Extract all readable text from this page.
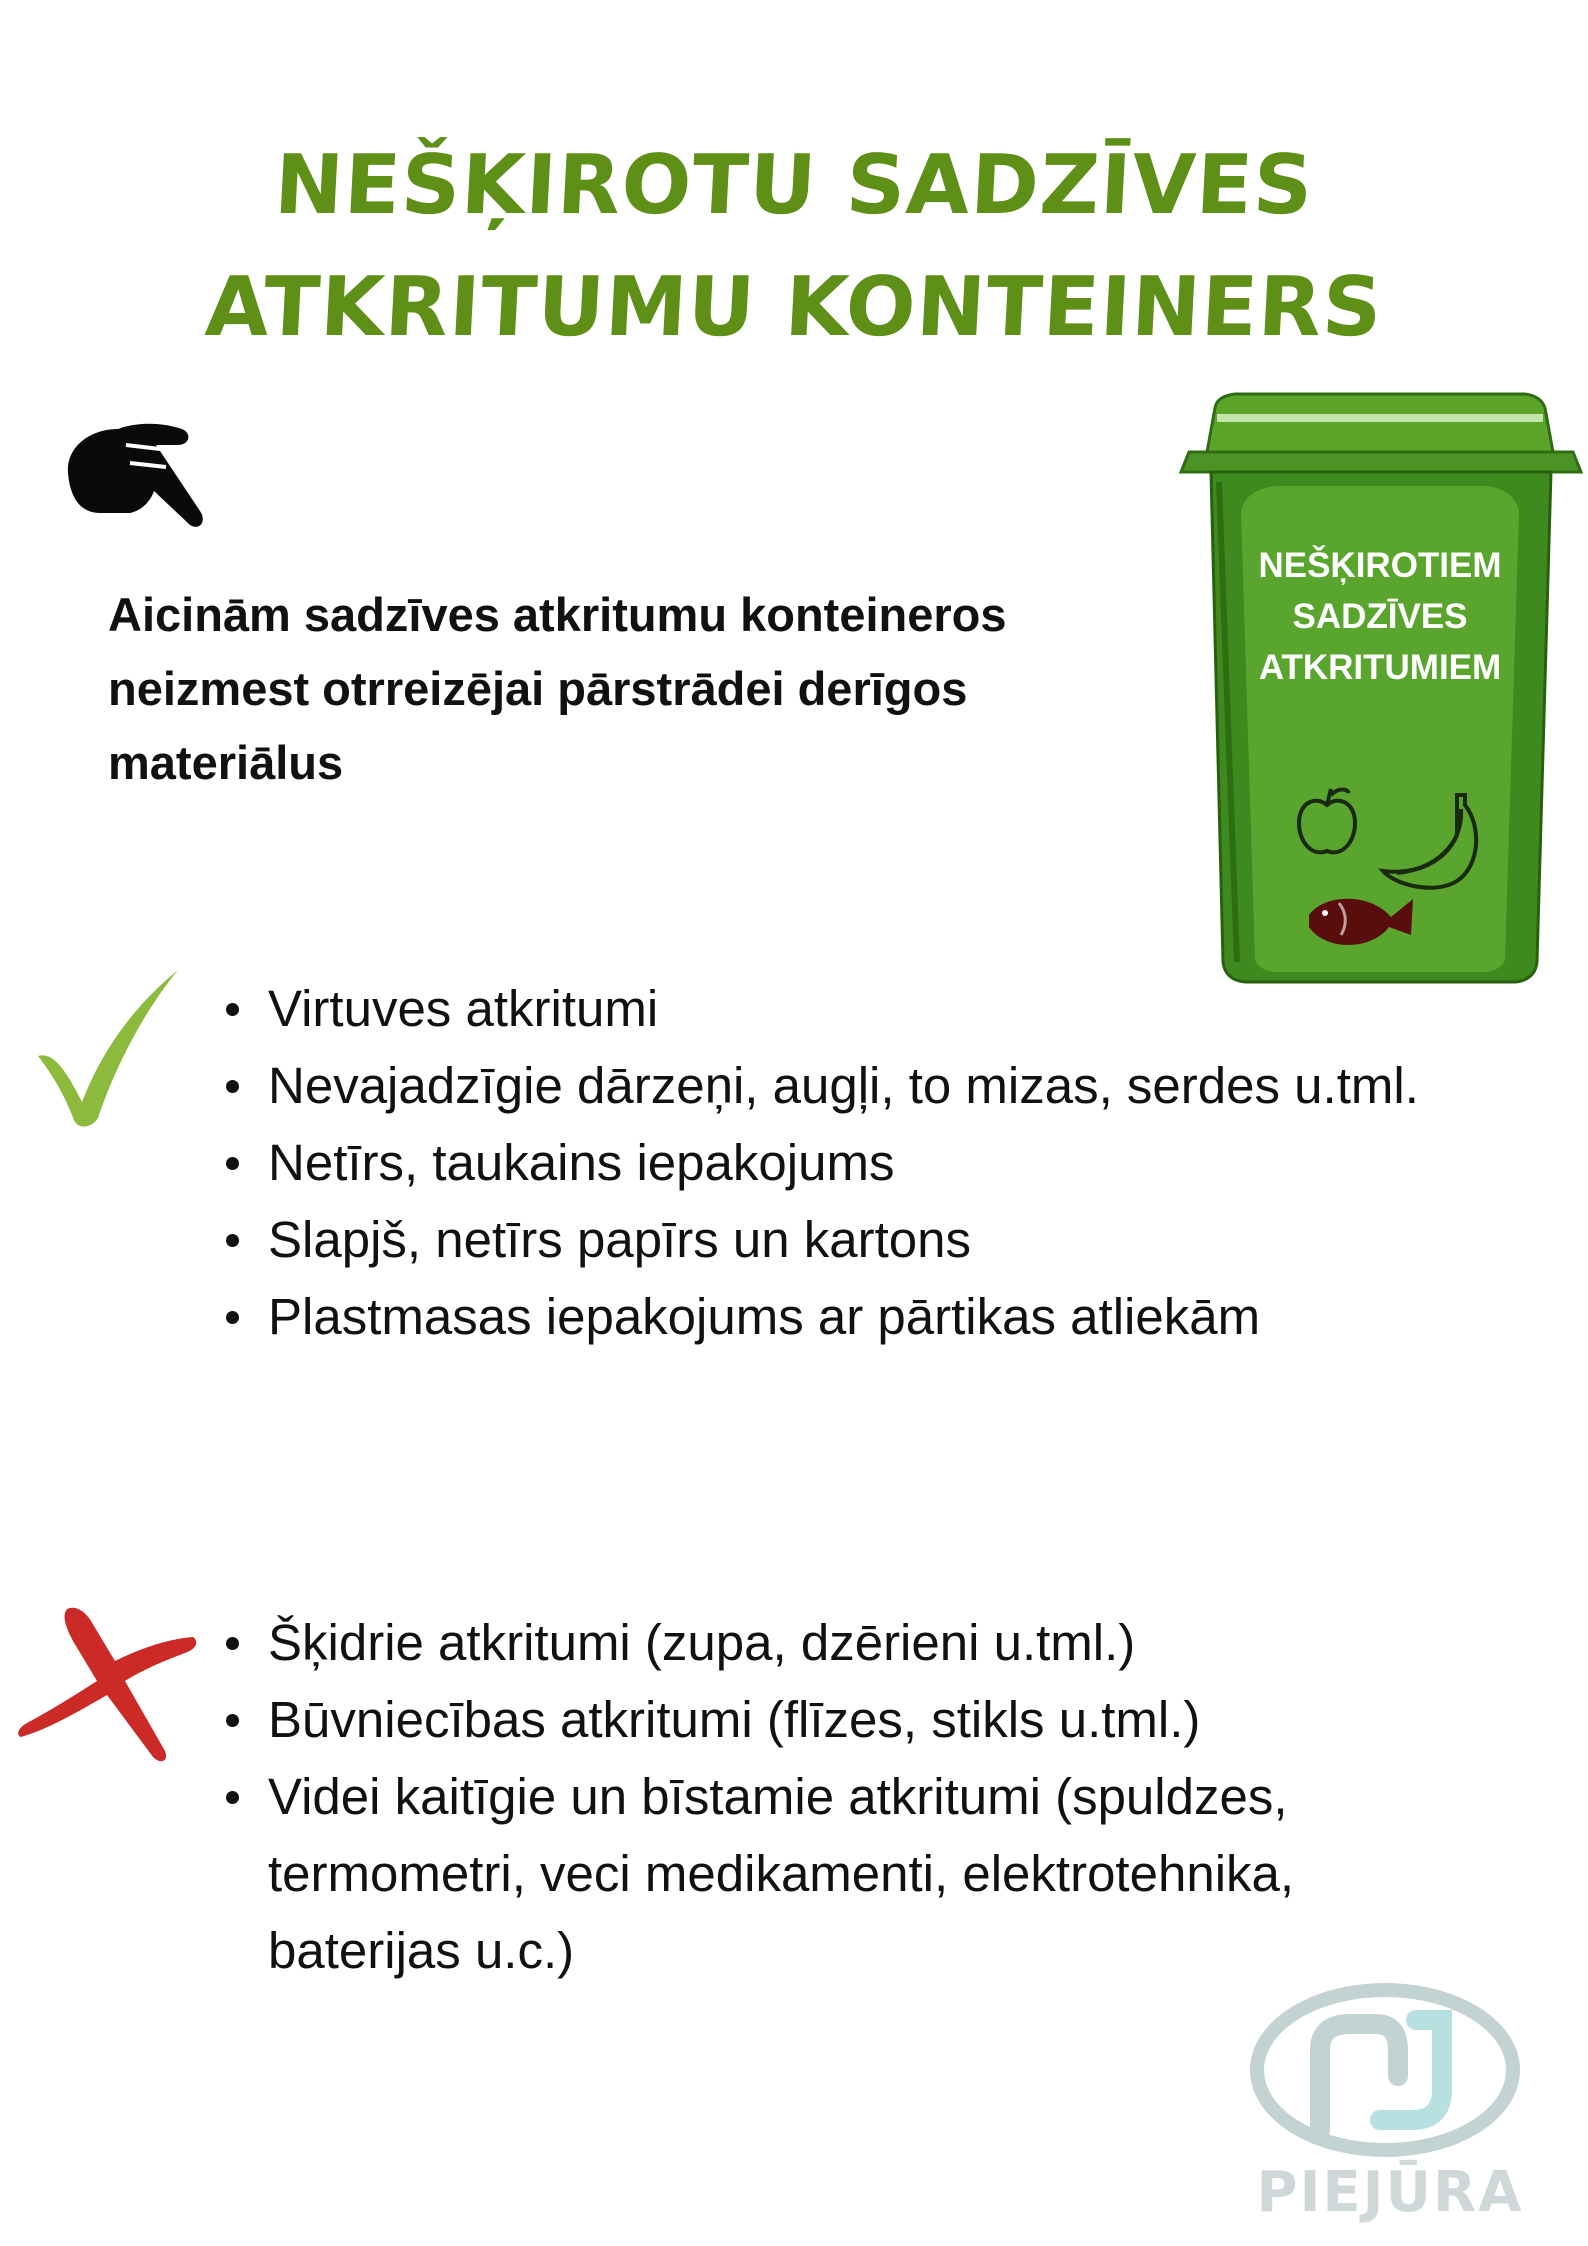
NEŠĶIROTU SADZĪVES
ATKRITUMU KONTEINERS

Aicinām sadzīves atkritumu konteineros neizmest otrreizējai pārstrādei derīgos materiālus

NEŠĶIROTIEM
SADZĪVES
ATKRITUMIEM
Virtuves atkritumi
Nevajadzīgie dārzeņi, augļi, to mizas, serdes u.tml.
Netīrs, taukains iepakojums
Slapjš, netīrs papīrs un kartons
Plastmasas iepakojums ar pārtikas atliekām
Šķidrie atkritumi (zupa, dzērieni u.tml.)
Būvniecības atkritumi (flīzes, stikls u.tml.)
Videi kaitīgie un bīstamie atkritumi (spuldzes, termometri, veci medikamenti, elektrotehnika, baterijas u.c.)
PIEJŪRA
